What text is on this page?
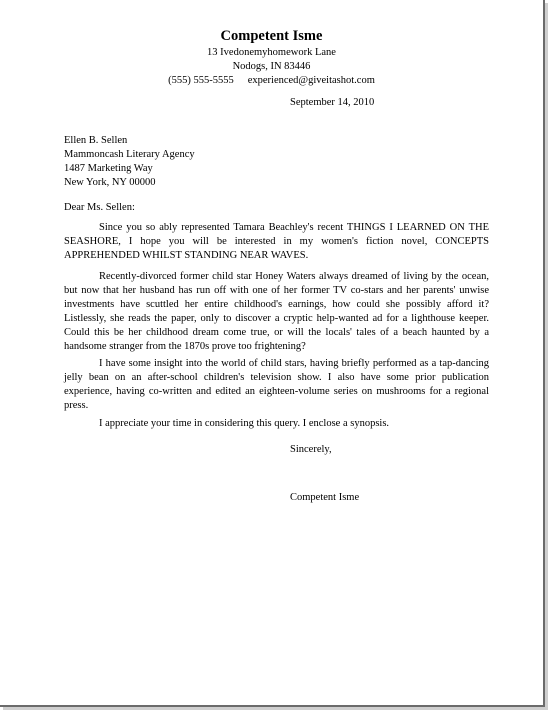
Competent Isme
13 Ivedonemyhomework Lane
Nodogs, IN 83446
(555) 555-5555 experienced@giveitashot.com
September 14, 2010
Ellen B. Sellen
Mammoncash Literary Agency
1487 Marketing Way
New York, NY 00000
Dear Ms. Sellen:

Since you so ably represented Tamara Beachley's recent THINGS I LEARNED ON THE SEASHORE, I hope you will be interested in my women's fiction novel, CONCEPTS APPREHENDED WHILST STANDING NEAR WAVES.

Recently-divorced former child star Honey Waters always dreamed of living by the ocean, but now that her husband has run off with one of her former TV co-stars and her parents' unwise investments have scuttled her entire childhood's earnings, how could she possibly afford it? Listlessly, she reads the paper, only to discover a cryptic help-wanted ad for a lighthouse keeper. Could this be her childhood dream come true, or will the locals' tales of a beach haunted by a handsome stranger from the 1870s prove too frightening?

I have some insight into the world of child stars, having briefly performed as a tap-dancing jelly bean on an after-school children's television show. I also have some prior publication experience, having co-written and edited an eighteen-volume series on mushrooms for a regional press.

I appreciate your time in considering this query. I enclose a synopsis.

Sincerely,
Competent Isme
